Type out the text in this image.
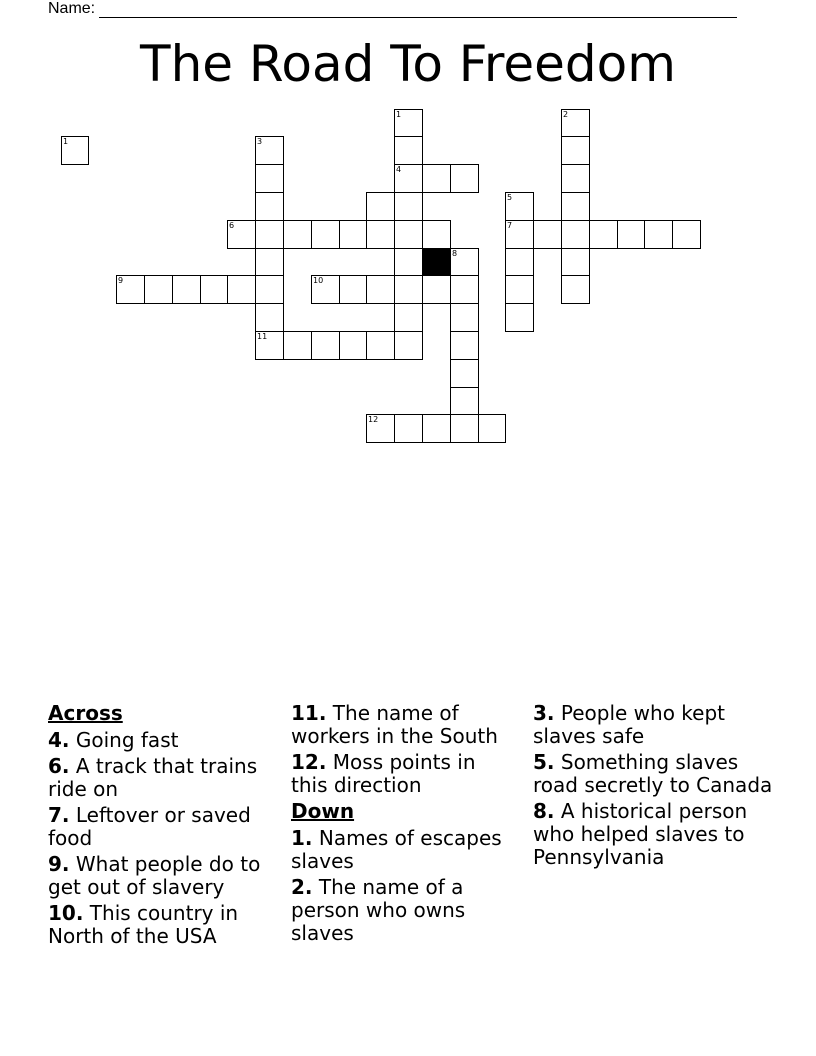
Name:
The Road To Freedom
1
4
5
6	7
8
9	10
11
12
1	2
3
Across
4. Going fast
6. A track that trains ride on
7. Leftover or saved food
9. What people do to get out of slavery
10. This country in North of the USA
11. The name of workers in the South
12. Moss points in this direction
Down
1. Names of escapes slaves
2. The name of a person who owns slaves
3. People who kept slaves safe
5. Something slaves road secretly to Canada
8. A historical person who helped slaves to Pennsylvania
